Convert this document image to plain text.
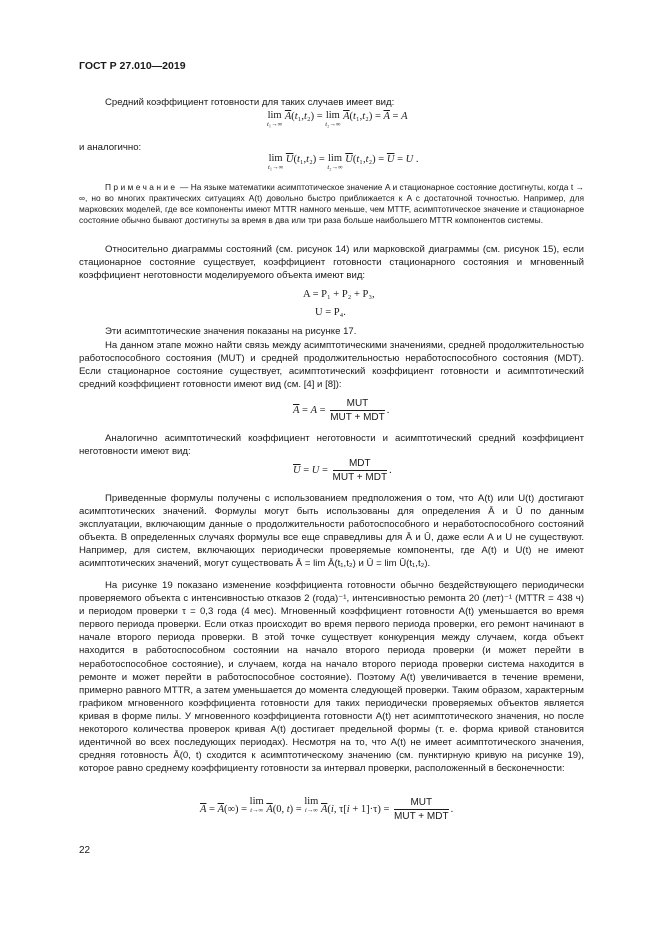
ГОСТ Р 27.010—2019
Средний коэффициент готовности для таких случаев имеет вид:
lim
t₁→∞
$\overline{A}(t_1,t_2) = \lim$
t₂→∞
$\overline{A}(t_1,t_2) = \overline{A} = A$
и аналогично:
lim
t₁→∞
$\overline{U}(t_1,t_2) = \lim$
t₂→∞
$\overline{U}(t_1,t_2) = \overline{U} = U$ .
Примечание — На языке математики асимптотическое значение A и стационарное состояние достигнуты, когда t → ∞, но во многих практических ситуациях A(t) довольно быстро приближается к A с достаточной точностью. Например, для марковских моделей, где все компоненты имеют MTTR намного меньше, чем MTTF, асимптотическое значение и стационарное состояние обычно бывают достигнуты за время в два или три раза больше наибольшего MTTR компонентов системы.
Относительно диаграммы состояний (см. рисунок 14) или марковской диаграммы (см. рисунок 15), если стационарное состояние существует, коэффициент готовности стационарного состояния и мгновенный коэффициент неготовности моделируемого объекта имеют вид:
A = P₁ + P₂ + P₃,
U = P₄.
Эти асимптотические значения показаны на рисунке 17.
На данном этапе можно найти связь между асимптотическими значениями, средней продолжительностью работоспособного состояния (MUT) и средней продолжительностью неработоспособного состояния (MDT). Если стационарное состояние существует, асимптотический коэффициент готовности и асимптотический средний коэффициент готовности имеют вид (см. [4] и [8]):
$\overline{A} = A = \frac{\text{MUT}}{\text{MUT + MDT}}$ .
Аналогично асимптотический коэффициент неготовности и асимптотический средний коэффициент неготовности имеют вид:
$\overline{U} = U = \frac{\text{MDT}}{\text{MUT + MDT}}$ .
Приведенные формулы получены с использованием предположения о том, что A(t) или U(t) достигают асимптотических значений. Формулы могут быть использованы для определения Ā и Ū по данным эксплуатации, включающим данные о продолжительности работоспособного и неработоспособного состояний объекта. В определенных случаях формулы все еще справедливы для Ā и Ū, даже если A и U не существуют. Например, для систем, включающих периодически проверяемые компоненты, где A(t) и U(t) не имеют асимптотических значений, могут существовать Ā = lim Ā(t₁,t₂) и Ū = lim Ū(t₁,t₂).
На рисунке 19 показано изменение коэффициента готовности обычно бездействующего периодически проверяемого объекта с интенсивностью отказов 2 (года)⁻¹, интенсивностью ремонта 20 (лет)⁻¹ (MTTR = 438 ч) и периодом проверки τ = 0,3 года (4 мес). Мгновенный коэффициент готовности A(t) уменьшается во время первого периода проверки. Если отказ происходит во время первого периода проверки, его ремонт начинают в начале второго периода проверки. В этой точке существует конкуренция между случаем, когда объект находится в работоспособном состоянии на начало второго периода проверки (и может перейти в неработоспособное состояние), и случаем, когда на начало второго периода проверки система находится в ремонте и может перейти в работоспособное состояние). Поэтому A(t) увеличивается в течение времени, примерно равного MTTR, а затем уменьшается до момента следующей проверки. Таким образом, характерным графиком мгновенного коэффициента готовности для таких периодически проверяемых объектов является кривая в форме пилы. У мгновенного коэффициента готовности A(t) нет асимптотического значения, но после некоторого количества проверок кривая A(t) достигает предельной формы (т. е. форма кривой становится идентичной во всех последующих периодах). Несмотря на то, что A(t) не имеет асимптотического значения, средняя готовность Ā(0, t) сходится к асимптотическому значению (см. пунктирную кривую на рисунке 19), которое равно среднему коэффициенту готовности за интервал проверки, расположенный в бесконечности:
$\overline{A} = \overline{A}(\infty) = \lim$
t→∞ $\overline{A}(0$, t) = lim
i→∞ $\overline{A}(i$, $\tau[i + 1]\cdot\tau) = \frac{\text{MUT}}{\text{MUT + MDT}}$ .
22
